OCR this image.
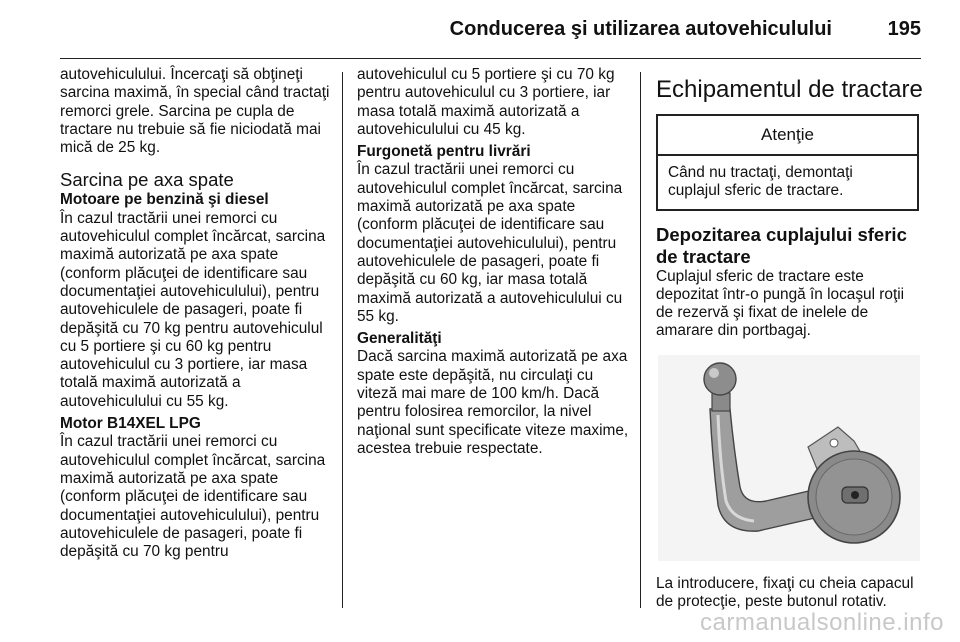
Conducerea şi utilizarea autovehiculului	195

autovehiculului. Încercaţi să obţineţi sarcina maximă, în special când tractaţi remorci grele. Sarcina pe cupla de tractare nu trebuie să fie niciodată mai mică de 25 kg.

Sarcina pe axa spate

Motoare pe benzină şi diesel

În cazul tractării unei remorci cu autovehiculul complet încărcat, sarcina maximă autorizată pe axa spate (conform plăcuţei de identificare sau documentaţiei autovehiculului), pentru autovehiculele de pasageri, poate fi depăşită cu 70 kg pentru autovehiculul cu 5 portiere şi cu 60 kg pentru autovehiculul cu 3 portiere, iar masa totală maximă autorizată a autovehiculului cu 55 kg.

Motor B14XEL LPG

În cazul tractării unei remorci cu autovehiculul complet încărcat, sarcina maximă autorizată pe axa spate (conform plăcuţei de identificare sau documentaţiei autovehiculului), pentru autovehiculele de pasageri, poate fi depăşită cu 70 kg pentru

autovehiculul cu 5 portiere şi cu 70 kg pentru autovehiculul cu 3 portiere, iar masa totală maximă autorizată a autovehiculului cu 45 kg.

Furgonetă pentru livrări

În cazul tractării unei remorci cu autovehiculul complet încărcat, sarcina maximă autorizată pe axa spate (conform plăcuţei de identificare sau documentaţiei autovehiculului), pentru autovehiculele de pasageri, poate fi depăşită cu 60 kg, iar masa totală maximă autorizată a autovehiculului cu 55 kg.

Generalităţi

Dacă sarcina maximă autorizată pe axa spate este depăşită, nu circulaţi cu viteză mai mare de 100 km/h. Dacă pentru folosirea remorcilor, la nivel naţional sunt specificate viteze maxime, acestea trebuie respectate.

Echipamentul de tractare

Atenţie
Când nu tractaţi, demontaţi cuplajul sferic de tractare.

Depozitarea cuplajului sferic de tractare

Cuplajul sferic de tractare este depozitat într-o pungă în locaşul roţii de rezervă şi fixat de inelele de amarare din portbagaj.

La introducere, fixaţi cu cheia capacul de protecţie, peste butonul rotativ.

carmanualsonline.info
